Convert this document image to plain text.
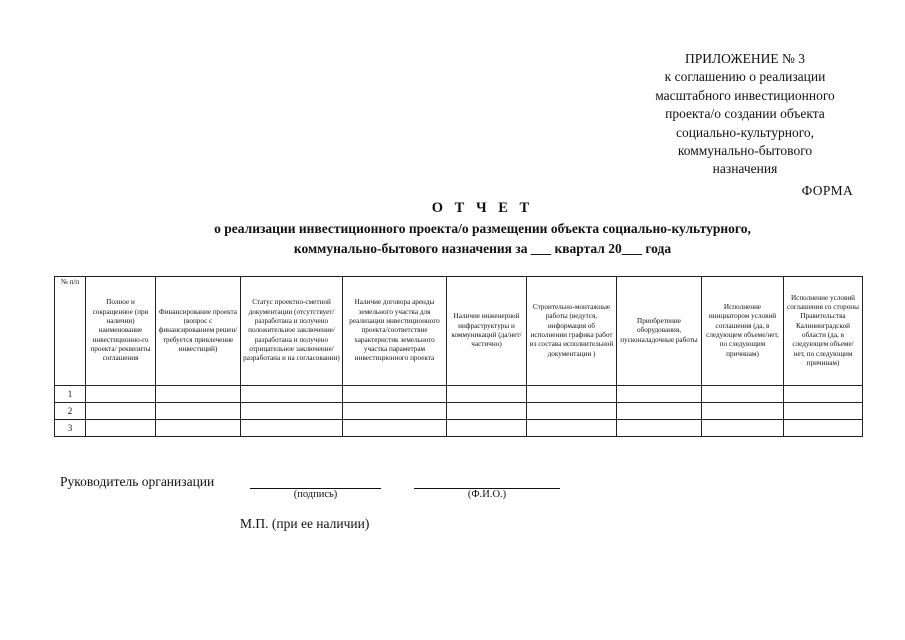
ПРИЛОЖЕНИЕ № 3
к соглашению о реализации
масштабного инвестиционного
проекта/о создании объекта
социально-культурного,
коммунально-бытового
назначения
ФОРМА
О Т Ч Е Т
о реализации инвестиционного проекта/о размещении объекта социально-культурного,
коммунально-бытового назначения за ___ квартал 20___ года
№ п/п	Полное и сокращенное (при наличии) наименование инвестиционно-го проекта/ реквизиты соглашения	Финансирование проекта (вопрос с финансированием решен/требуется привлечение инвестиций)	Статус проектно-сметной документации (отсутствует/разработана и получено положительное заключение/разработана и получено отрицательное заключение/разработана и на согласовании)	Наличие договора аренды земельного участка для реализации инвестиционного проекта/соответствие характеристик земельного участка параметрам инвестиционного проекта	Наличие инженерной инфраструктуры и коммуникаций (да/нет/частично)	Строительно-монтажные работы (ведутся, информация об исполнении графика работ из состава исполнительной документации )	Приобретение оборудования, пусконаладочные работы	Исполнение инициатором условий соглашения (да, в следующем объеме/нет, по следующим причинам)	Исполнение условий соглашения со стороны Правительства Калининградской области (да, в следующем объеме/ нет, по следующим причинам)
1									
2									
3									
Руководитель организации
(подпись)	(Ф.И.О.)
М.П. (при ее наличии)
